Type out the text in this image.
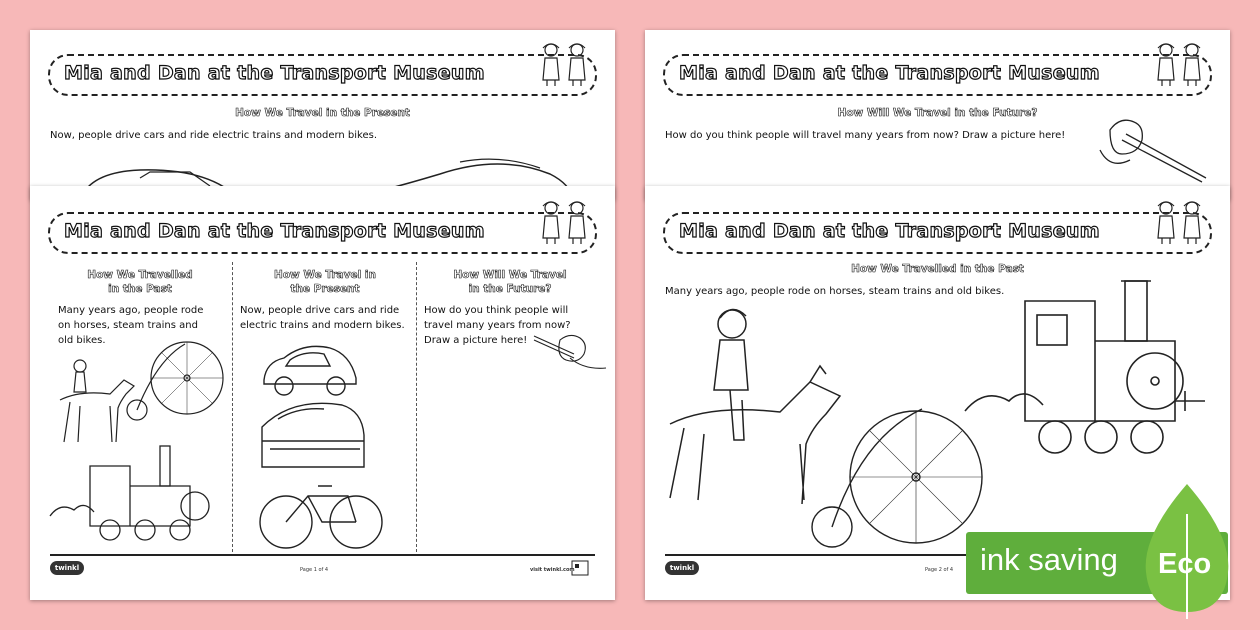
Mia and Dan at the Transport Museum
How We Travel in the Present
Now, people drive cars and ride electric trains and modern bikes.
Mia and Dan at the Transport Museum
How Will We Travel in the Future?
How do you think people will travel many years from now? Draw a picture here!
Mia and Dan at the Transport Museum
How We Travelled
in the Past
Many years ago, people rode
on horses, steam trains and
old bikes.
How We Travel in
the Present
Now, people drive cars and ride
electric trains and modern bikes.
How Will We Travel
in the Future?
How do you think people will
travel many years from now?
Draw a picture here!
twinkl	Page 1 of 4	visit twinkl.com
Mia and Dan at the Transport Museum
How We Travelled in the Past
Many years ago, people rode on horses, steam trains and old bikes.
twinkl	Page 2 of 4 ink saving Eco
